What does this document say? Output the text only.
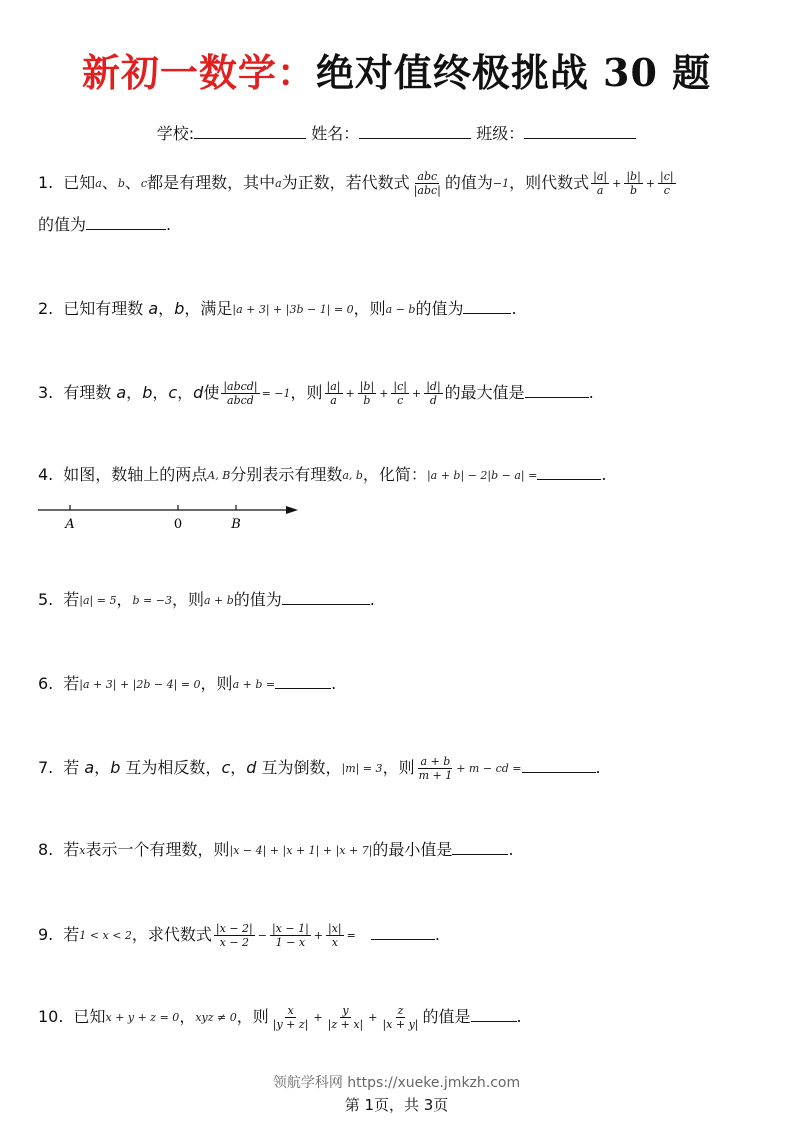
新初一数学：绝对值终极挑战 30 题
学校:	姓名：	班级：
1. 已知a、b、c都是有理数，其中a为正数，若代数式 $\frac{\text{abc}}{\text{|abc|}}$ 的值为−1，则代数式 $\frac{|a|}{a} + \frac{|b|}{b} + \frac{|c|}{c}$
的值为	.
2. 已知有理数 a，b，满足|a + 3| + |3b − 1| = 0，则a − b的值为	.
3. 有理数 a，b，c，d使 $\frac{\text{|abcd|}}{\text{abcd}} = -1$，则 $\frac{|a|}{a} + \frac{|b|}{b} + \frac{|c|}{c} + \frac{|d|}{d}$ 的最大值是	.
4. 如图，数轴上的两点A, B分别表示有理数a, b，化简：|a + b| − 2|b − a| =	.
A	0	B
5. 若|a| = 5，b = −3，则a + b的值为	.
6. 若|a + 3| + |2b − 4| = 0，则a + b =	.
7. 若 a，b 互为相反数，c，d 互为倒数，|m| = 3，则 $\frac{a + b}{m + 1} + m$ − cd =	.
8. 若x表示一个有理数，则|x − 4| + |x + 1| + |x + 7|的最小值是	.
9. 若1 < x < 2，求代数式 $\frac{|x - 2|}{x - 2} - \frac{|x - 1|}{1 - x} + \frac{|x|}{x}$ =	.
10. 已知x + y + z = 0，xyz ≠ 0，则 $\frac{x}{|y + z|} + \frac{y}{|z + x|} + \frac{z}{|x + y|}$ 的值是	.
领航学科网 https://xueke.jmkzh.com
第 1页，共 3页
